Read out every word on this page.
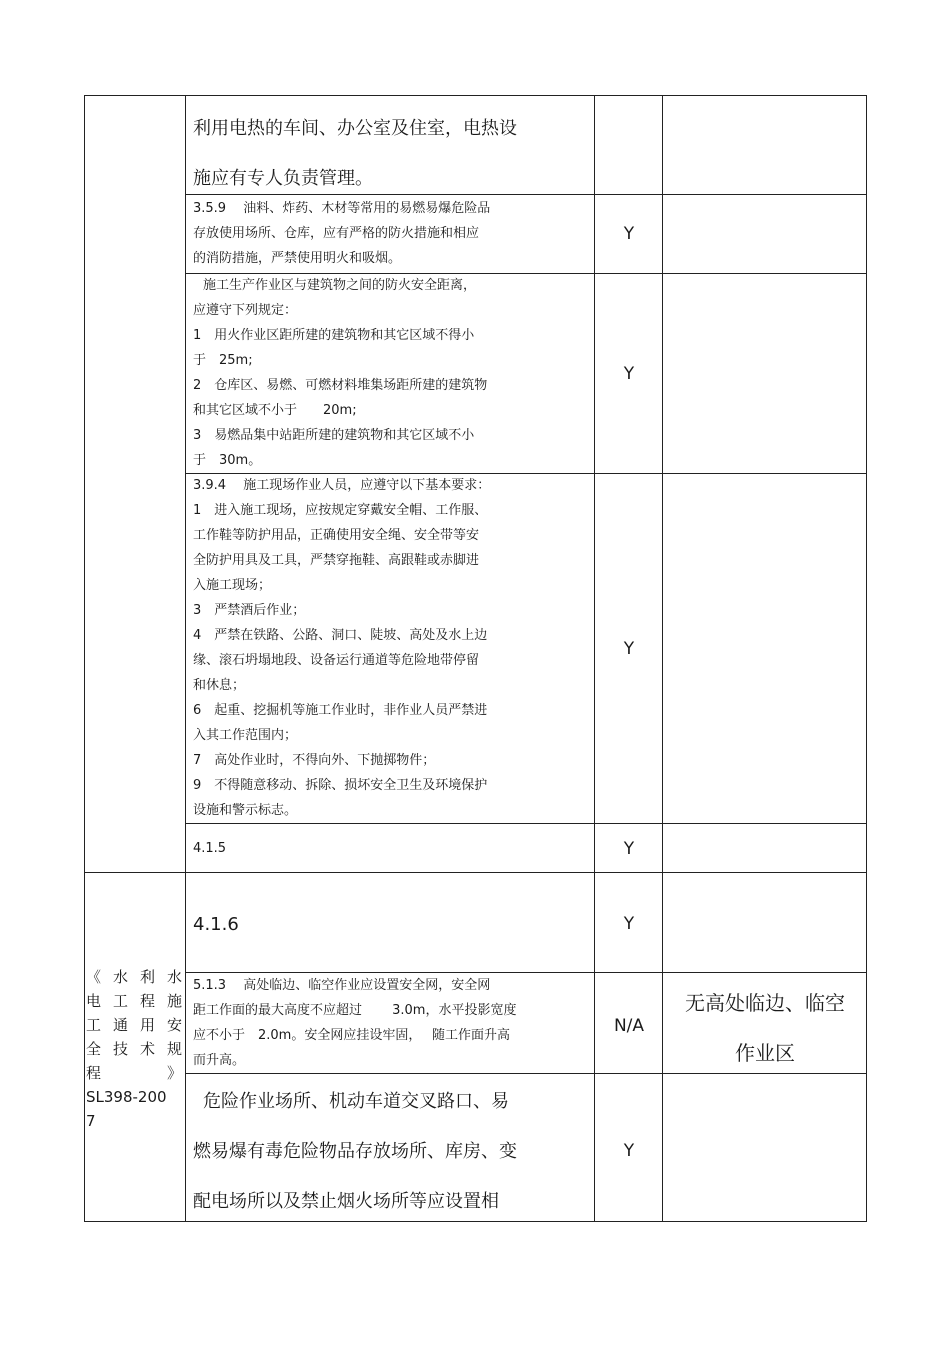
《水利水
电工程施
工通用安
全技术规
程　　》
SL398-200
7
利用电热的车间、办公室及住室，电热设
施应有专人负责管理。
3.5.9　 油料、炸药、木材等常用的易燃易爆危险品
存放使用场所、仓库，应有严格的防火措施和相应
的消防措施，严禁使用明火和吸烟。
Y
施工生产作业区与建筑物之间的防火安全距离，
应遵守下列规定：
1　用火作业区距所建的建筑物和其它区域不得小
于　25m;
2　仓库区、易燃、可燃材料堆集场距所建的建筑物
和其它区域不小于　　20m;
3　易燃品集中站距所建的建筑物和其它区域不小
于　30m。
Y
3.9.4　 施工现场作业人员，应遵守以下基本要求：
1　进入施工现场，应按规定穿戴安全帽、工作服、
工作鞋等防护用品，正确使用安全绳、安全带等安
全防护用具及工具，严禁穿拖鞋、高跟鞋或赤脚进
入施工现场；
3　严禁酒后作业；
4　严禁在铁路、公路、洞口、陡坡、高处及水上边
缘、滚石坍塌地段、设备运行通道等危险地带停留
和休息；
6　起重、挖掘机等施工作业时，非作业人员严禁进
入其工作范围内；
7　高处作业时，不得向外、下抛掷物件；
9　不得随意移动、拆除、损坏安全卫生及环境保护
设施和警示标志。
Y
4.1.5	Y
4.1.6	Y
5.1.3　 高处临边、临空作业应设置安全网，安全网
距工作面的最大高度不应超过　　 3.0m，水平投影宽度
应不小于　2.0m。安全网应挂设牢固，　 随工作面升高
而升高。
N/A
无高处临边、临空
作业区
危险作业场所、机动车道交叉路口、易
燃易爆有毒危险物品存放场所、库房、变
配电场所以及禁止烟火场所等应设置相
Y
